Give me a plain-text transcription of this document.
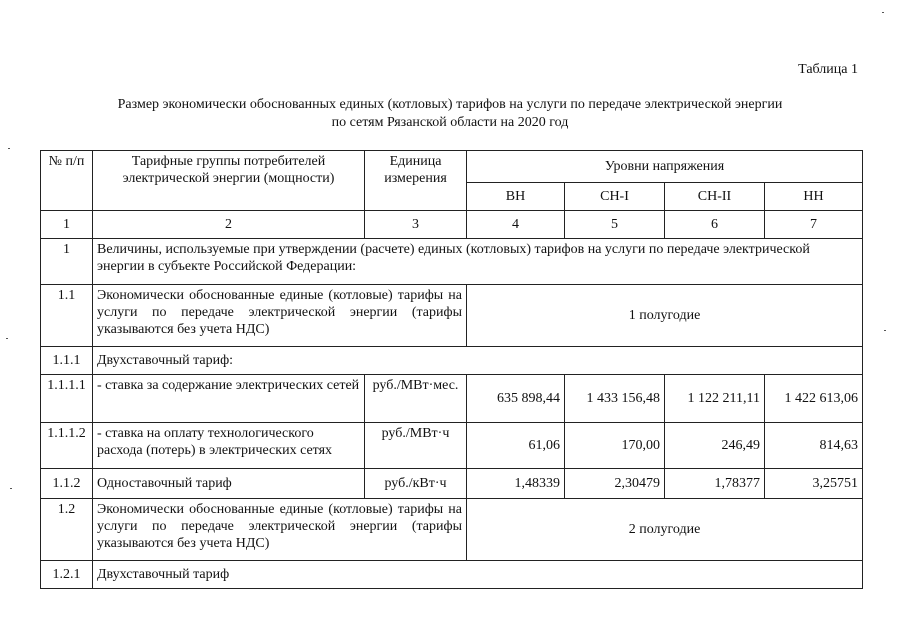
Таблица 1
Размер экономически обоснованных единых (котловых) тарифов на услуги по передаче электрической энергии
по сетям Рязанской области на 2020 год
№ п/п	Тарифные группы потребителей электрической энергии (мощности)	Единица измерения	Уровни напряжения			
			ВН	СН-I	СН-II	НН
1	2	3	4	5	6	7
1	Величины, используемые при утверждении (расчете) единых (котловых) тарифов на услуги по передаче электрической энергии в субъекте Российской Федерации:					
1.1	Экономически обоснованные единые (котловые) тарифы на услуги по передаче электрической энергии (тарифы указываются без учета НДС)		1 полугодие			
1.1.1	Двухставочный тариф:					
1.1.1.1	- ставка за содержание электрических сетей	руб./МВт·мес.	635 898,44	1 433 156,48	1 122 211,11	1 422 613,06
1.1.1.2	- ставка на оплату технологического расхода (потерь) в электрических сетях	руб./МВт·ч	61,06	170,00	246,49	814,63
1.1.2	Одноставочный тариф	руб./кВт·ч	1,48339	2,30479	1,78377	3,25751
1.2	Экономически обоснованные единые (котловые) тарифы на услуги по передаче электрической энергии (тарифы указываются без учета НДС)		2 полугодие			
1.2.1	Двухставочный тариф					
